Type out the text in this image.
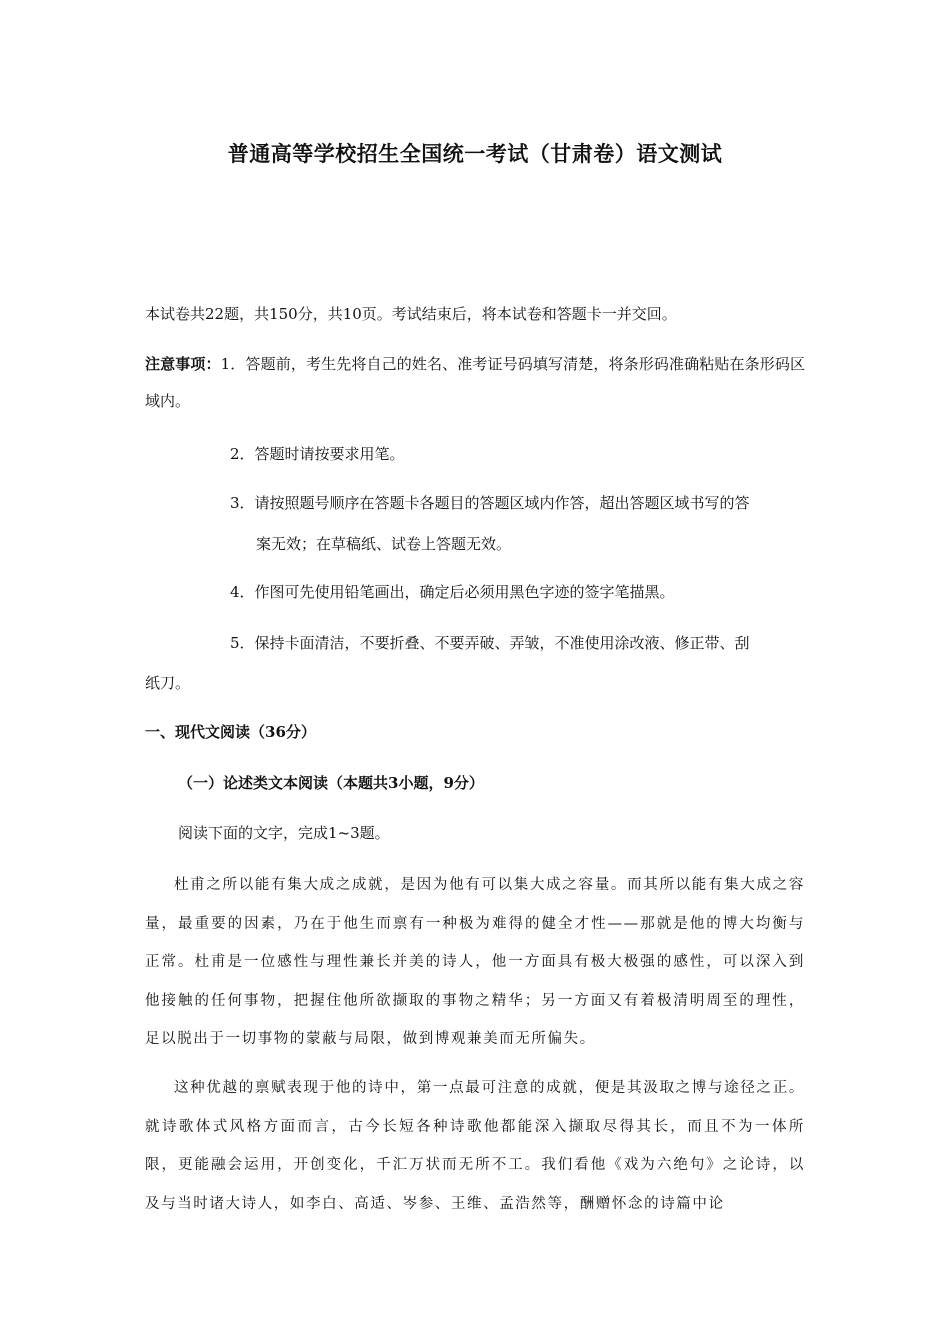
普通高等学校招生全国统一考试（甘肃卷）语文测试
本试卷共22题，共150分，共10页。考试结束后，将本试卷和答题卡一并交回。
注意事项：1．答题前，考生先将自己的姓名、准考证号码填写清楚，将条形码准确粘贴在条形码区域内。
2．答题时请按要求用笔。
3．请按照题号顺序在答题卡各题目的答题区域内作答，超出答题区域书写的答
案无效；在草稿纸、试卷上答题无效。
4．作图可先使用铅笔画出，确定后必须用黑色字迹的签字笔描黑。
5．保持卡面清洁，不要折叠、不要弄破、弄皱，不准使用涂改液、修正带、刮
纸刀。
一、现代文阅读（36分）
（一）论述类文本阅读（本题共3小题，9分）
阅读下面的文字，完成1~3题。
杜甫之所以能有集大成之成就，是因为他有可以集大成之容量。而其所以能有集大成之容量，最重要的因素，乃在于他生而禀有一种极为难得的健全才性——那就是他的博大均衡与正常。杜甫是一位感性与理性兼长并美的诗人，他一方面具有极大极强的感性，可以深入到他接触的任何事物，把握住他所欲撷取的事物之精华；另一方面又有着极清明周至的理性，足以脱出于一切事物的蒙蔽与局限，做到博观兼美而无所偏失。
这种优越的禀赋表现于他的诗中，第一点最可注意的成就，便是其汲取之博与途径之正。就诗歌体式风格方面而言，古今长短各种诗歌他都能深入撷取尽得其长，而且不为一体所限，更能融会运用，开创变化，千汇万状而无所不工。我们看他《戏为六绝句》之论诗，以及与当时诸大诗人，如李白、高适、岑参、王维、孟浩然等，酬赠怀念的诗篇中论
